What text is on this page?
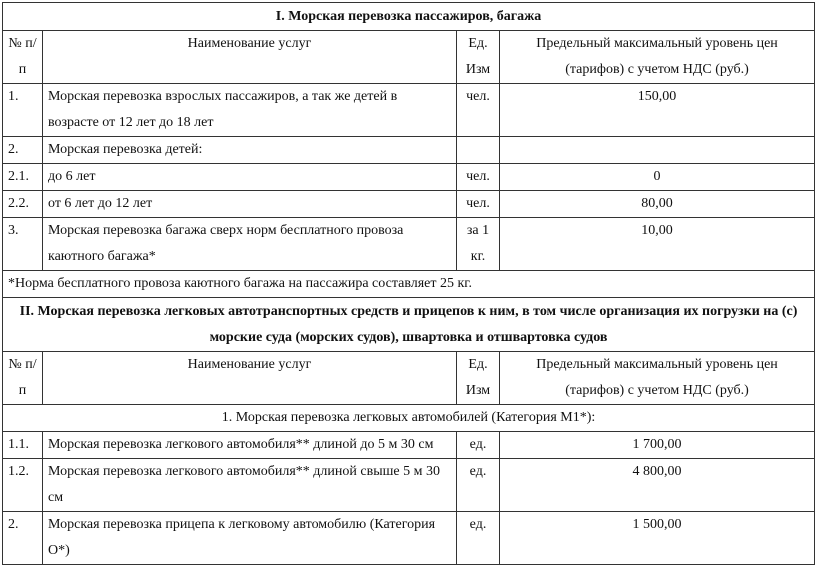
I. Морская перевозка пассажиров, багажа			
№ п/п	Наименование услуг	Ед. Изм	Предельный максимальный уровень цен (тарифов) с учетом НДС (руб.)
1.	Морская перевозка взрослых пассажиров, а так же детей в возрасте от 12 лет до 18 лет	чел.	150,00
2.	Морская перевозка детей:		
2.1.	до 6 лет	чел.	0
2.2.	от 6 лет до 12 лет	чел.	80,00
3.	Морская перевозка багажа сверх норм бесплатного провоза каютного багажа*	за 1 кг.	10,00
*Норма бесплатного провоза каютного багажа на пассажира составляет 25 кг.			
II. Морская перевозка легковых автотранспортных средств и прицепов к ним, в том числе организация их погрузки на (с) морские суда (морских судов), швартовка и отшвартовка судов			
№ п/п	Наименование услуг	Ед. Изм	Предельный максимальный уровень цен (тарифов) с учетом НДС (руб.)
1. Морская перевозка легковых автомобилей (Категория М1*):			
1.1.	Морская перевозка легкового автомобиля** длиной до 5 м 30 см	ед.	1 700,00
1.2.	Морская перевозка легкового автомобиля** длиной свыше 5 м 30 см	ед.	4 800,00
2.	Морская перевозка прицепа к легковому автомобилю (Категория О*)	ед.	1 500,00
